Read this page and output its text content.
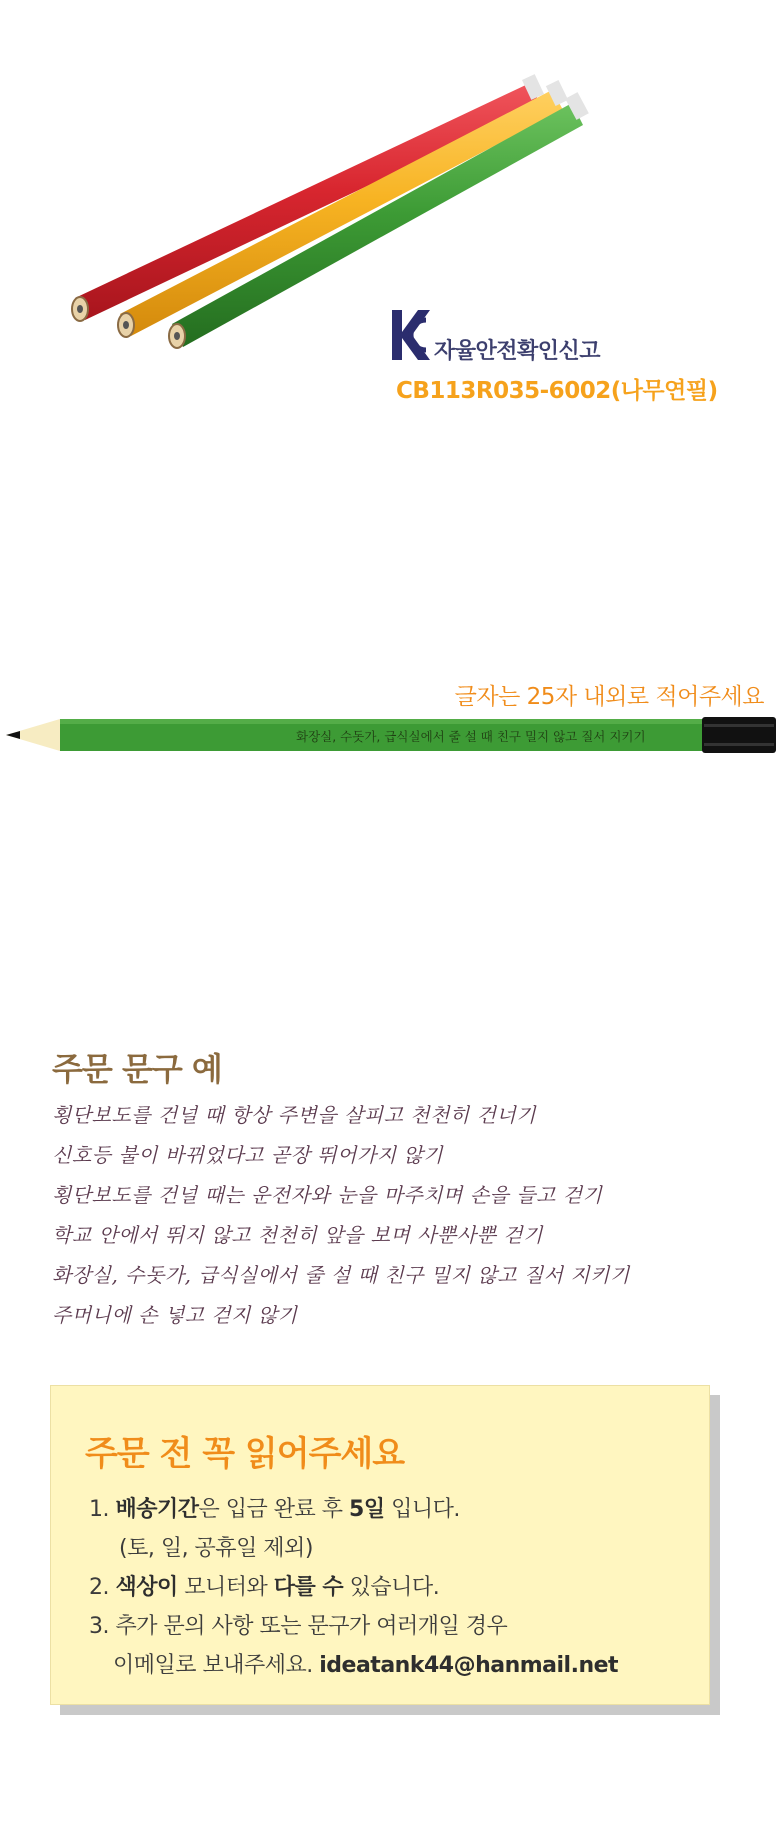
자율안전확인신고
CB113R035-6002(나무연필)
글자는 25자 내외로 적어주세요
화장실, 수돗가, 급식실에서 줄 설 때 친구 밀지 않고 질서 지키기
주문 문구 예
횡단보도를 건널 때 항상 주변을 살피고 천천히 건너기
신호등 불이 바뀌었다고 곧장 뛰어가지 않기
횡단보도를 건널 때는 운전자와 눈을 마주치며 손을 들고 걷기
학교 안에서 뛰지 않고 천천히 앞을 보며 사뿐사뿐 걷기
화장실, 수돗가, 급식실에서 줄 설 때 친구 밀지 않고 질서 지키기
주머니에 손 넣고 걷지 않기
주문 전 꼭 읽어주세요
1. 배송기간은 입금 완료 후 5일 입니다.
(토, 일, 공휴일 제외)
2. 색상이 모니터와 다를 수 있습니다.
3. 추가 문의 사항 또는 문구가 여러개일 경우
이메일로 보내주세요. ideatank44@hanmail.net
